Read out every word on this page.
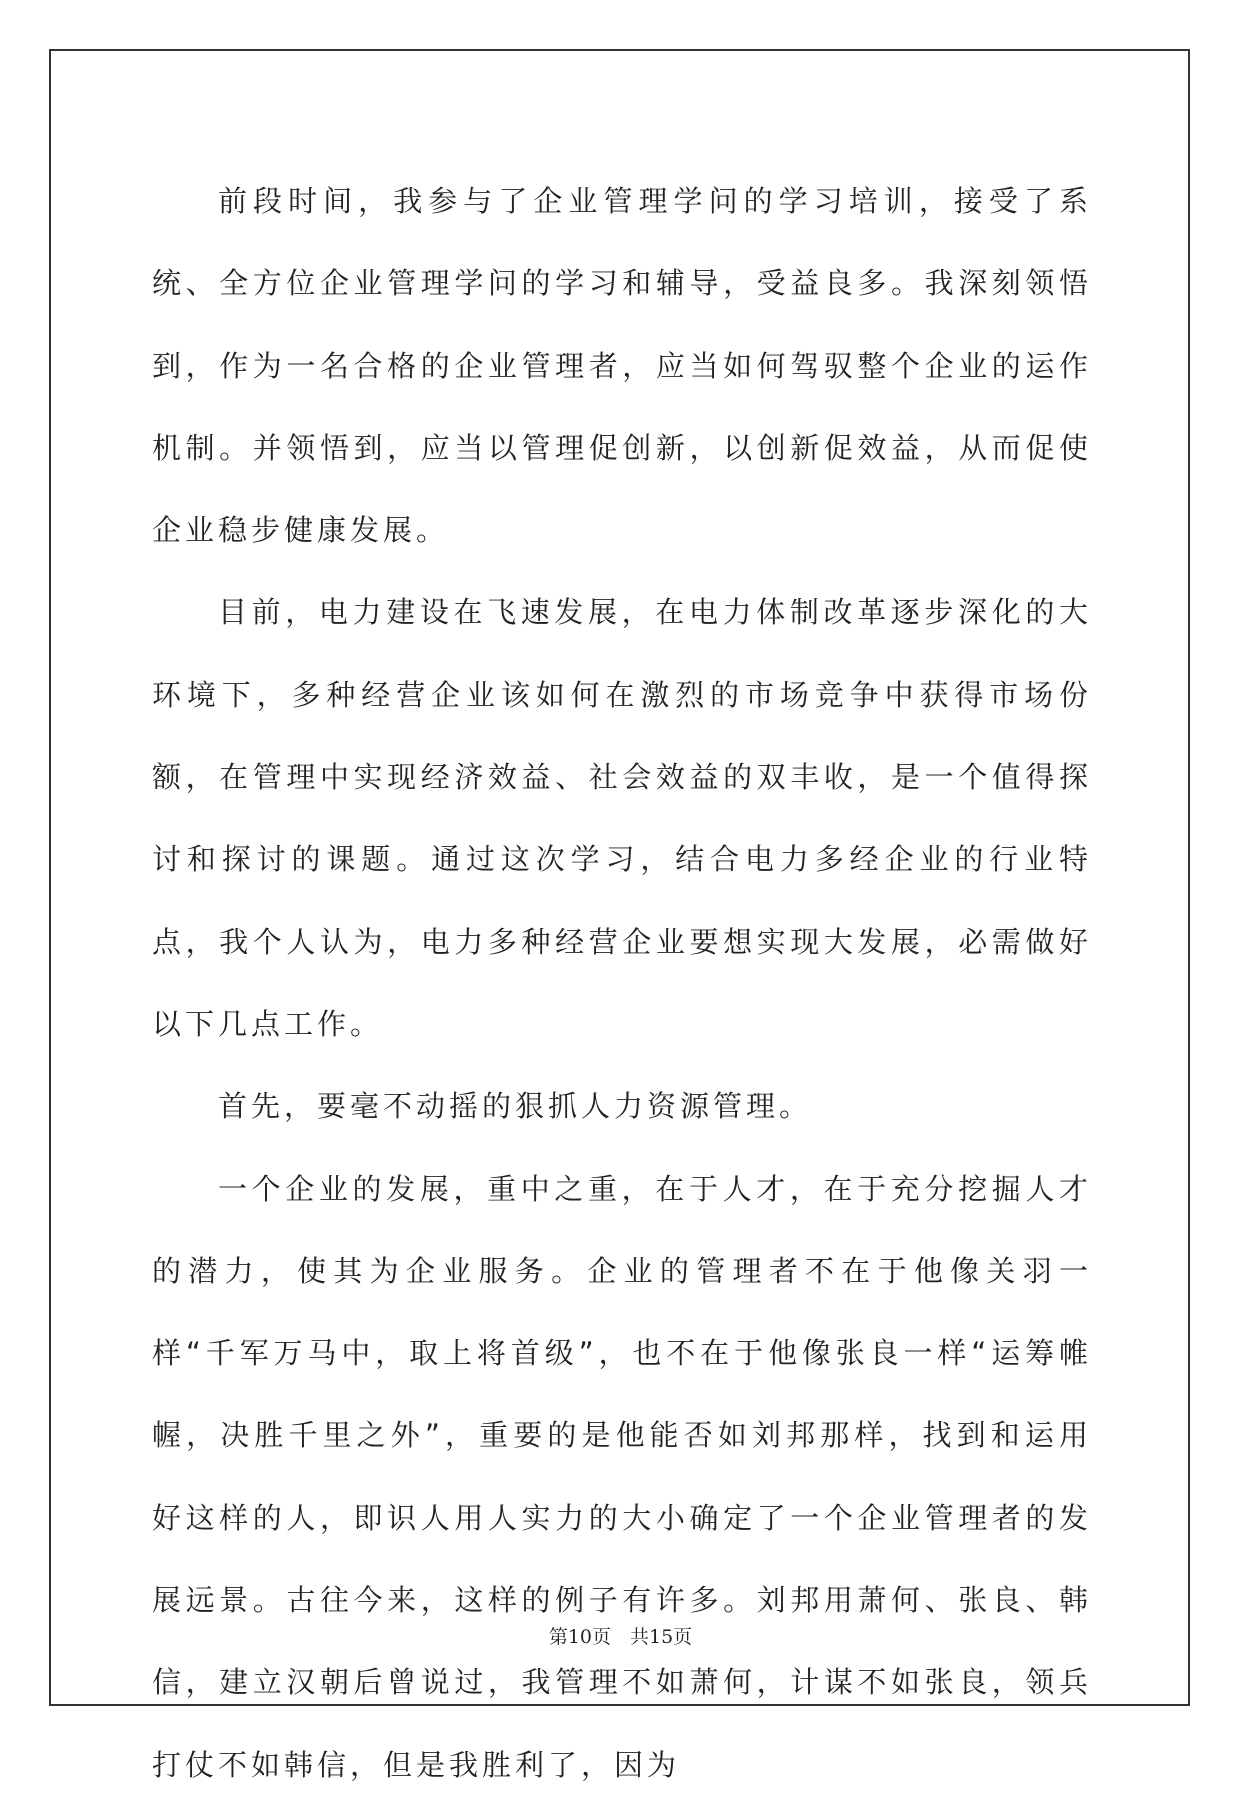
前段时间，我参与了企业管理学问的学习培训，接受了系统、全方位企业管理学问的学习和辅导，受益良多。我深刻领悟到，作为一名合格的企业管理者，应当如何驾驭整个企业的运作机制。并领悟到，应当以管理促创新，以创新促效益，从而促使企业稳步健康发展。

目前，电力建设在飞速发展，在电力体制改革逐步深化的大环境下，多种经营企业该如何在激烈的市场竞争中获得市场份额，在管理中实现经济效益、社会效益的双丰收，是一个值得探讨和探讨的课题。通过这次学习，结合电力多经企业的行业特点，我个人认为，电力多种经营企业要想实现大发展，必需做好以下几点工作。

首先，要毫不动摇的狠抓人力资源管理。

一个企业的发展，重中之重，在于人才，在于充分挖掘人才的潜力，使其为企业服务。企业的管理者不在于他像关羽一样“千军万马中，取上将首级”，也不在于他像张良一样“运筹帷幄，决胜千里之外”，重要的是他能否如刘邦那样，找到和运用好这样的人，即识人用人实力的大小确定了一个企业管理者的发展远景。古往今来，这样的例子有许多。刘邦用萧何、张良、韩信，建立汉朝后曾说过，我管理不如萧何，计谋不如张良，领兵打仗不如韩信，但是我胜利了，因为

第10页　共15页
